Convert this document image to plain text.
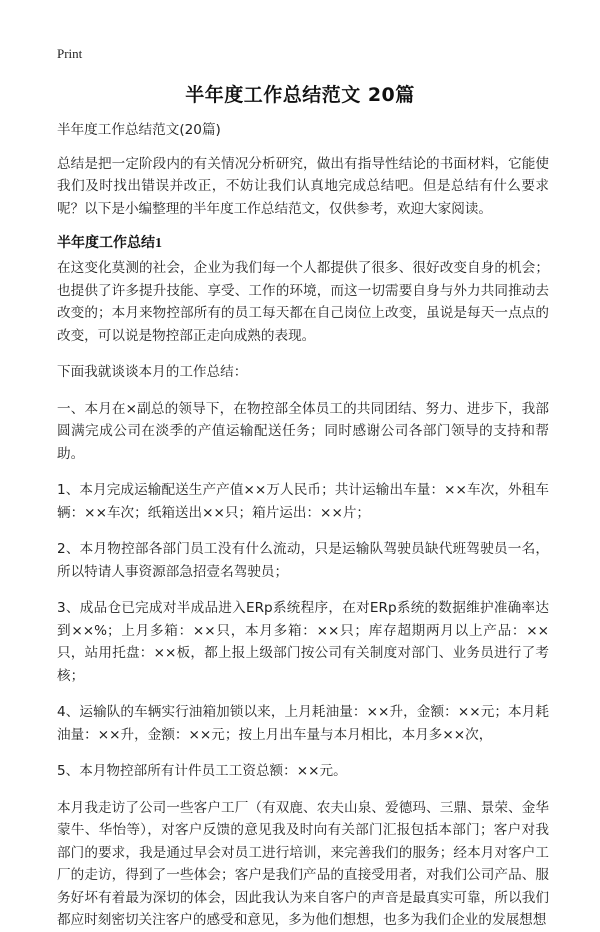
Print
半年度工作总结范文 20篇

半年度工作总结范文(20篇)

总结是把一定阶段内的有关情况分析研究，做出有指导性结论的书面材料，它能使我们及时找出错误并改正，不妨让我们认真地完成总结吧。但是总结有什么要求呢？以下是小编整理的半年度工作总结范文，仅供参考，欢迎大家阅读。

半年度工作总结1

在这变化莫测的社会，企业为我们每一个人都提供了很多、很好改变自身的机会；也提供了许多提升技能、享受、工作的环境，而这一切需要自身与外力共同推动去改变的；本月来物控部所有的员工每天都在自己岗位上改变，虽说是每天一点点的改变，可以说是物控部正走向成熟的表现。

下面我就谈谈本月的工作总结：

一、本月在×副总的领导下，在物控部全体员工的共同团结、努力、进步下，我部圆满完成公司在淡季的产值运输配送任务；同时感谢公司各部门领导的支持和帮助。

1、本月完成运输配送生产产值××万人民币；共计运输出车量：××车次，外租车辆：××车次；纸箱送出××只；箱片运出：××片；

2、本月物控部各部门员工没有什么流动，只是运输队驾驶员缺代班驾驶员一名，所以特请人事资源部急招壹名驾驶员；

3、成品仓已完成对半成品进入ERp系统程序，在对ERp系统的数据维护准确率达到××%；上月多箱：××只，本月多箱：××只；库存超期两月以上产品：××只，站用托盘：××板，都上报上级部门按公司有关制度对部门、业务员进行了考核；

4、运输队的车辆实行油箱加锁以来，上月耗油量：××升，金额：××元；本月耗油量：××升，金额：××元；按上月出车量与本月相比，本月多××次，

5、本月物控部所有计件员工工资总额：××元。

本月我走访了公司一些客户工厂（有双鹿、农夫山泉、爱德玛、三鼎、景荣、金华蒙牛、华怡等），对客户反馈的意见我及时向有关部门汇报包括本部门；客户对我部门的要求，我是通过早会对员工进行培训，来完善我们的服务；经本月对客户工厂的走访，得到了一些体会；客户是我们产品的直接受用者，对我们公司产品、服务好坏有着最为深切的体会，因此我认为来自客户的声音是最真实可靠，所以我们都应时刻密切关注客户的感受和意见，多为他们想想，也多为我们企业的发展想想
